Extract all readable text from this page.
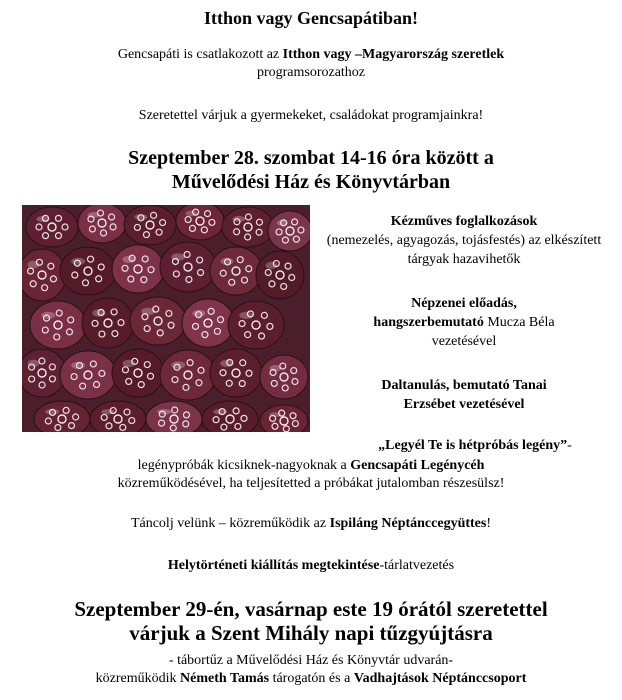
Itthon vagy Gencsapátiban!
Gencsapáti is csatlakozott az Itthon vagy –Magyarország szeretlek
programsorozathoz
Szeretettel várjuk a gyermekeket, családokat programjainkra!
Szeptember 28. szombat 14-16 óra között a
Művelődési Ház és Könyvtárban
Kézműves foglalkozások
(nemezelés, agyagozás, tojásfestés) az elkészített tárgyak hazavihetők
Népzenei előadás,
hangszerbemutató Mucza Béla
vezetésével
Daltanulás, bemutató Tanai
Erzsébet vezetésével
„Legyél Te is hétpróbás legény”-
legénypróbák kicsiknek-nagyoknak a Gencsapáti Legénycéh
közreműködésével, ha teljesítetted a próbákat jutalomban részesülsz!
Táncolj velünk – közreműködik az Ispiláng Néptánccegyüttes!
Helytörténeti kiállítás megtekintése-tárlatvezetés
Szeptember 29-én, vasárnap este 19 órától szeretettel
várjuk a Szent Mihály napi tűzgyújtásra
- tábortűz a Művelődési Ház és Könyvtár udvarán-
közreműködik Németh Tamás tárogatón és a Vadhajtások Néptánccsoport
